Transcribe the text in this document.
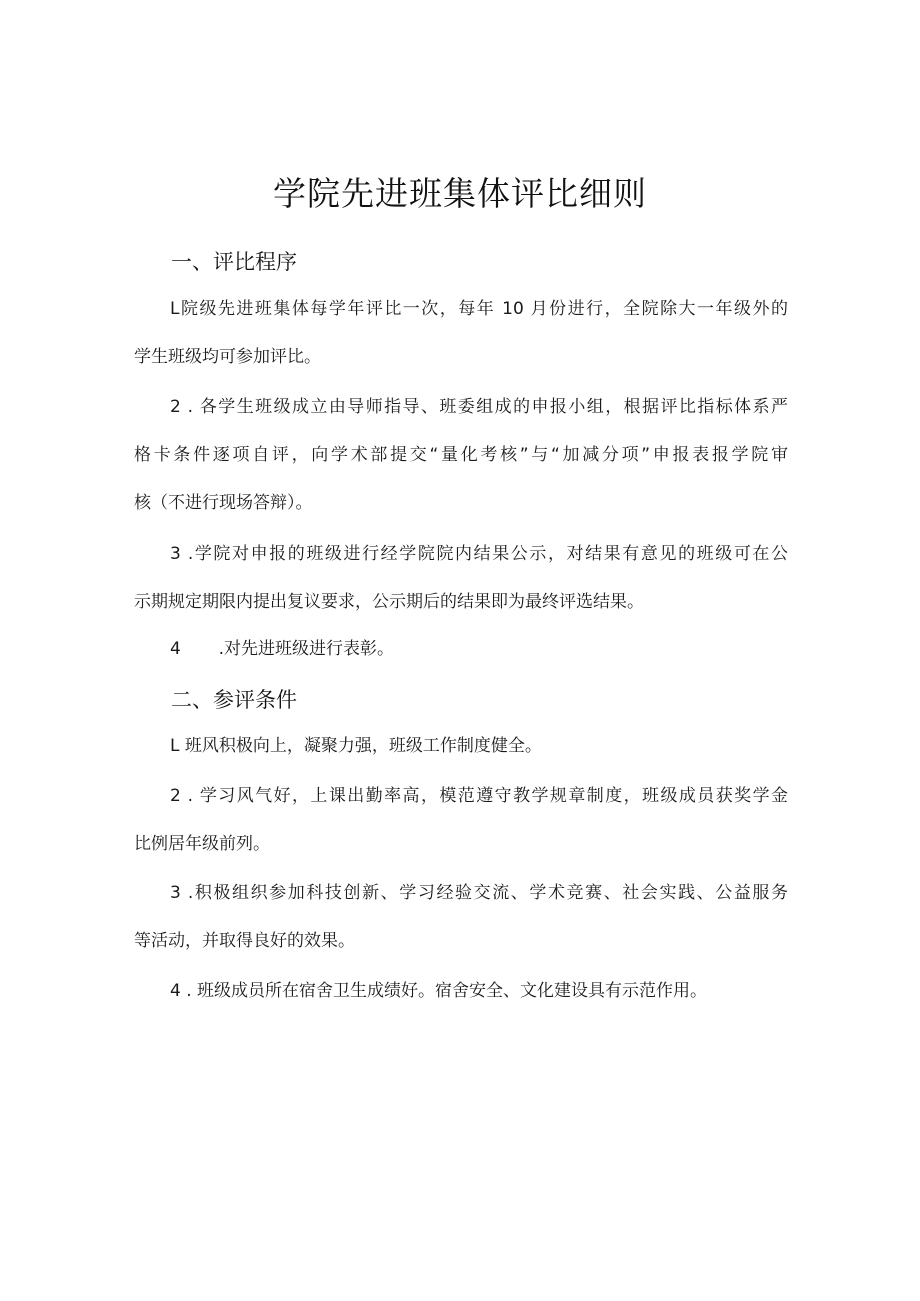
学院先进班集体评比细则
一、评比程序
L院级先进班集体每学年评比一次，每年 10 月份进行，全院除大一年级外的
学生班级均可参加评比。
2 . 各学生班级成立由导师指导、班委组成的申报小组，根据评比指标体系严
格卡条件逐项自评，向学术部提交“量化考核”与“加减分项”申报表报学院审
核（不进行现场答辩）。
3 .学院对申报的班级进行经学院院内结果公示，对结果有意见的班级可在公
示期规定期限内提出复议要求，公示期后的结果即为最终评选结果。
4 .对先进班级进行表彰。
二、参评条件
L 班风积极向上，凝聚力强，班级工作制度健全。
2 . 学习风气好，上课出勤率高，模范遵守教学规章制度，班级成员获奖学金
比例居年级前列。
3 .积极组织参加科技创新、学习经验交流、学术竞赛、社会实践、公益服务
等活动，并取得良好的效果。
4 . 班级成员所在宿舍卫生成绩好。宿舍安全、文化建设具有示范作用。
